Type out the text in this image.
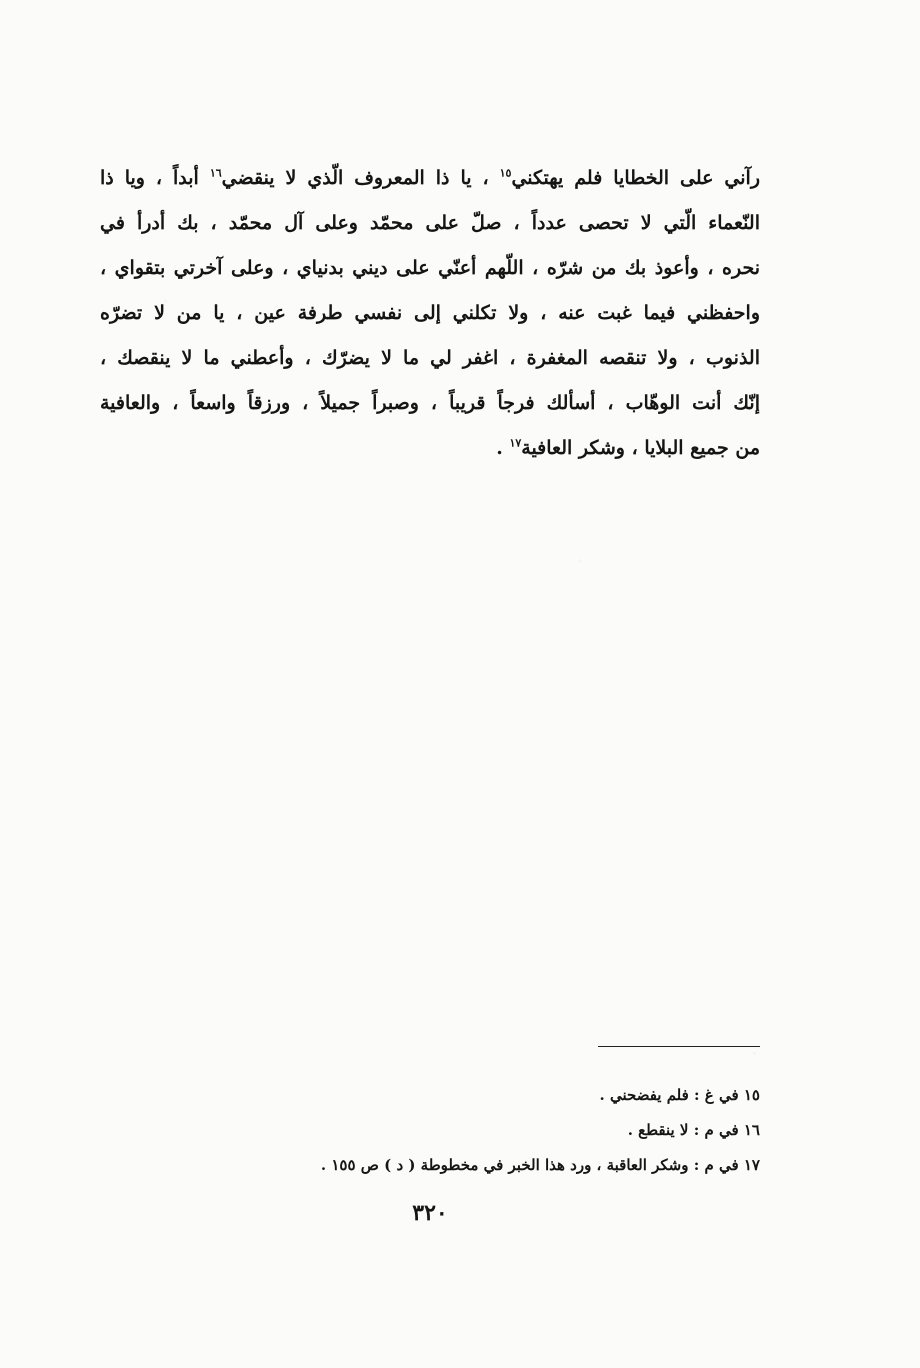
رآني على الخطايا فلم يهتكني$^{١٥}$ ، يا ذا المعروف الّذي لا ينقضي$^{١٦}$ أبداً ، ويا ذا
النّعماء الّتي لا تحصى عدداً ، صلّ على محمّد وعلى آل محمّد ، بك أدرأ في
نحره ، وأعوذ بك من شرّه ، اللّهم أعنّي على ديني بدنياي ، وعلى آخرتي بتقواي ،
واحفظني فيما غبت عنه ، ولا تكلني إلى نفسي طرفة عين ، يا من لا تضرّه
الذنوب ، ولا تنقصه المغفرة ، اغفر لي ما لا يضرّك ، وأعطني ما لا ينقصك ،
إنّك أنت الوهّاب ، أسألك فرجاً قريباً ، وصبراً جميلاً ، ورزقاً واسعاً ، والعافية
من جميع البلايا ، وشكر العافية$^{١٧}$ .
١٥ في غ : فلم يفضحني .
١٦ في م : لا ينقطع .
١٧ في م : وشكر العاقبة ، ورد هذا الخبر في مخطوطة ( د ) ص ١٥٥ .
٣٢٠
